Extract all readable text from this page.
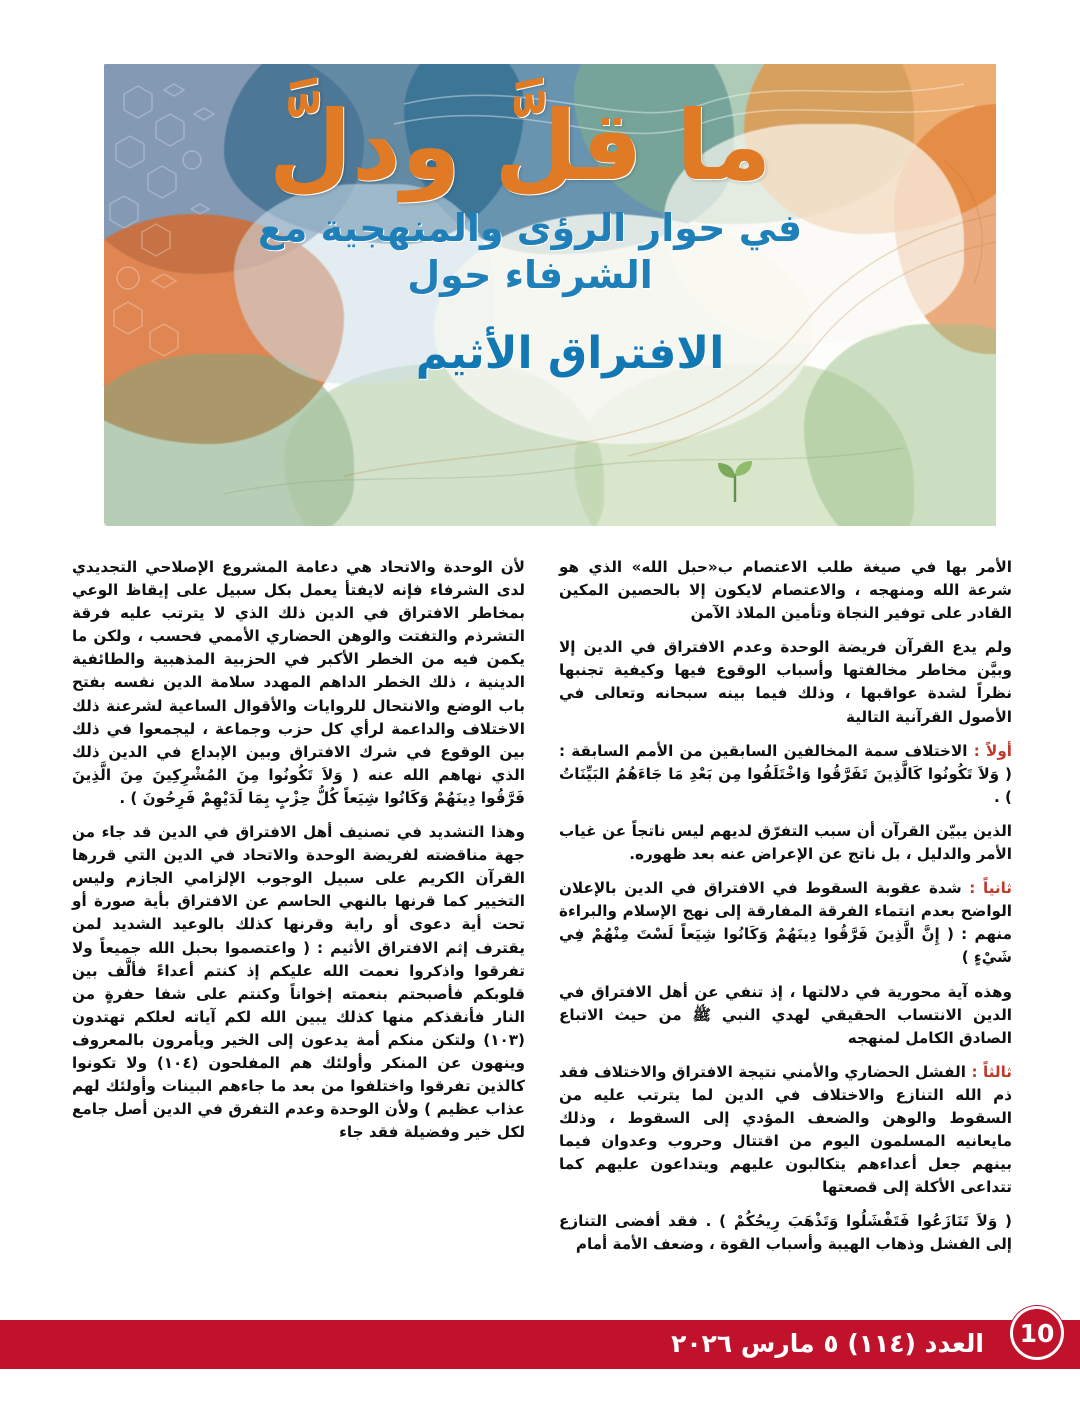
ما قلَّ ودلَّ
في حوار الرؤى والمنهجية مع
الشرفاء حول
الافتراق الأثيم

الأمر بها في صيغة طلب الاعتصام ب«حبل الله» الذي هو شرعة الله ومنهجه ، والاعتصام لايكون إلا بالحصين المكين القادر على توفير النجاة وتأمين الملاذ الآمن

ولم يدع القرآن فريضة الوحدة وعدم الافتراق في الدين إلا وبيَّن مخاطر مخالفتها وأسباب الوقوع فيها وكيفية تجنبها نظراً لشدة عواقبها ، وذلك فيما بينه سبحانه وتعالى في الأصول القرآنية التالية

أولاً : الاختلاف سمة المخالفين السابقين من الأمم السابقة : ( وَلاَ تَكُونُوا كَالَّذِينَ تَفَرَّقُوا وَاخْتَلَفُوا مِن بَعْدِ مَا جَاءَهُمُ البَيِّنَاتُ ) .

الذين يبيّن القرآن أن سبب التفرّق لديهم ليس ناتجاً عن غياب الأمر والدليل ، بل ناتج عن الإعراض عنه بعد ظهوره.

ثانياً : شدة عقوبة السقوط في الافتراق في الدين بالإعلان الواضح بعدم انتماء الفرقة المفارقة إلى نهج الإسلام والبراءة منهم : ( إِنَّ الَّذِينَ فَرَّقُوا دِينَهُمْ وَكَانُوا شِيَعاً لَسْتَ مِنْهُمْ فِي شَيْءٍ )

وهذه آية محورية في دلالتها ، إذ تنفي عن أهل الافتراق في الدين الانتساب الحقيقي لهدي النبي ﷺ من حيث الاتباع الصادق الكامل لمنهجه

ثالثاً : الفشل الحضاري والأمني نتيجة الافتراق والاختلاف فقد ذم الله التنازع والاختلاف في الدين لما يترتب عليه من السقوط والوهن والضعف المؤدي إلى السقوط ، وذلك مايعانيه المسلمون اليوم من اقتتال وحروب وعدوان فيما بينهم جعل أعداءهم يتكالبون عليهم ويتداعون عليهم كما تتداعى الأكلة إلى قصعتها

( وَلاَ تَنَازَعُوا فَتَفْشَلُوا وَتَذْهَبَ رِيحُكُمْ ) . فقد أفضى التنازع إلى الفشل وذهاب الهيبة وأسباب القوة ، وضعف الأمة أمام

لأن الوحدة والاتحاد هي دعامة المشروع الإصلاحي التجديدي لدى الشرفاء فإنه لايفتأ يعمل بكل سبيل على إيقاظ الوعي بمخاطر الافتراق في الدين ذلك الذي لا يترتب عليه فرقة التشرذم والتفتت والوهن الحضاري الأممي فحسب ، ولكن ما يكمن فيه من الخطر الأكبر في الحزبية المذهبية والطائفية الدينية ، ذلك الخطر الداهم المهدد سلامة الدين نفسه بفتح باب الوضع والانتحال للروايات والأقوال الساعية لشرعنة ذلك الاختلاف والداعمة لرأي كل حزب وجماعة ، ليجمعوا في ذلك بين الوقوع في شرك الافتراق وبين الإبداع في الدين ذلك الذي نهاهم الله عنه ( وَلاَ تَكُونُوا مِنَ المُشْرِكِينَ مِنَ الَّذِينَ فَرَّقُوا دِينَهُمْ وَكَانُوا شِيَعاً كُلُّ حِزْبٍ بِمَا لَدَيْهِمْ فَرِحُونَ ) .

وهذا التشديد في تصنيف أهل الافتراق في الدين قد جاء من جهة مناقضته لفريضة الوحدة والاتحاد في الدين التي قررها القرآن الكريم على سبيل الوجوب الإلزامي الجازم وليس التخيير كما قرنها بالنهي الحاسم عن الافتراق بأية صورة أو تحت أية دعوى أو راية وقرنها كذلك بالوعيد الشديد لمن يقترف إثم الافتراق الأثيم : ( واعتصموا بحبل الله جميعاً ولا تفرقوا واذكروا نعمت الله عليكم إذ كنتم أعداءً فألَّف بين قلوبكم فأصبحتم بنعمته إخواناً وكنتم على شفا حفرةٍ من النار فأنقذكم منها كذلك يبين الله لكم آياته لعلكم تهتدون (١٠٣) ولتكن منكم أمة يدعون إلى الخير ويأمرون بالمعروف وينهون عن المنكر وأولئك هم المفلحون (١٠٤) ولا تكونوا كالذين تفرقوا واختلفوا من بعد ما جاءهم البينات وأولئك لهم عذاب عظيم ) ولأن الوحدة وعدم التفرق في الدين أصل جامع لكل خير وفضيلة فقد جاء

العدد (١١٤) ٥ مارس ٢٠٢٦	10
